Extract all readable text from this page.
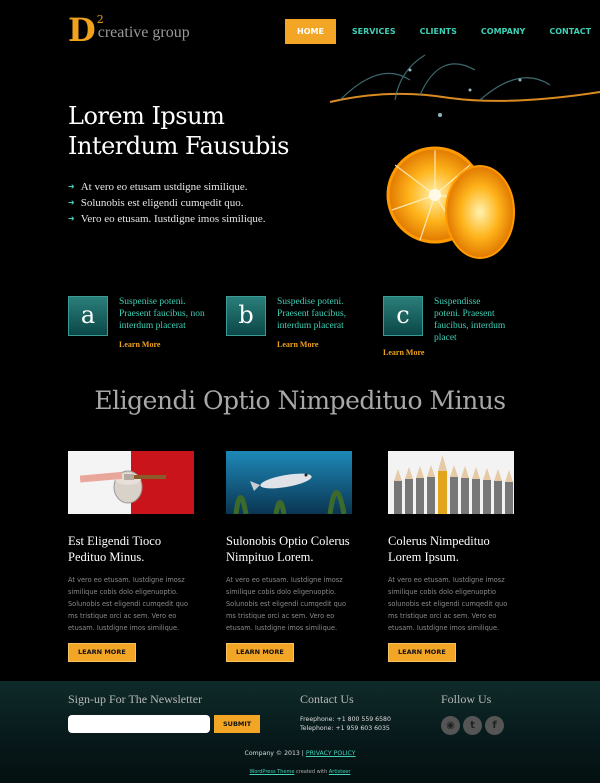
D 2
creative group	HOME	SERVICES	CLIENTS	COMPANY	CONTACT
Lorem Ipsum
Interdum Fausubis
➜ At vero eo etusam ustdigne similique.
➜ Solunobis est eligendi cumqedit quo.
➜ Vero eo etusam. Iustdigne imos similique.
a	Suspenise poteni.
Praesent faucibus, non
interdum placerat
Learn More
b	Suspedise poteni.
Praesent faucibus,
interdum placerat
Learn More
c	Suspendisse
poteni. Praesent
faucibus, interdum
placet
Learn More
Eligendi Optio Nimpedituo Minus
Est Eligendi Tioco
Pedituo Minus.

At vero eo etusam. Iustdigne imosz similique cobis dolo eligenuoptio. Solunobis est eligendi cumqedit quo ms tristique orci ac sem. Vero eo etusam. Iustdigne imos similique.

LEARN MORE
Sulonobis Optio Colerus
Nimpituo Lorem.

At vero eo etusam. Iustdigne imosz similique cobis dolo eligenuoptio. Solunobis est eligendi cumqedit quo ms tristique orci ac sem. Vero eo etusam. Iustdigne imos similique.

LEARN MORE
Colerus Nimpedituo
Lorem Ipsum.

At vero eo etusam. Iustdigne imosz similique cobis dolo eligenuoptio solunobis est eligendi cumqedit quo ms tristique orci ac sem. Vero eo etusam. Iustdigne imos similique.

LEARN MORE
Sign-up For The Newsletter
SUBMIT
Contact Us
Freephone: +1 800 559 6580
Telephone: +1 959 603 6035
Follow Us
◉	t	f
Company © 2013 | PRIVACY POLICY
WordPress Theme created with Artisteer
